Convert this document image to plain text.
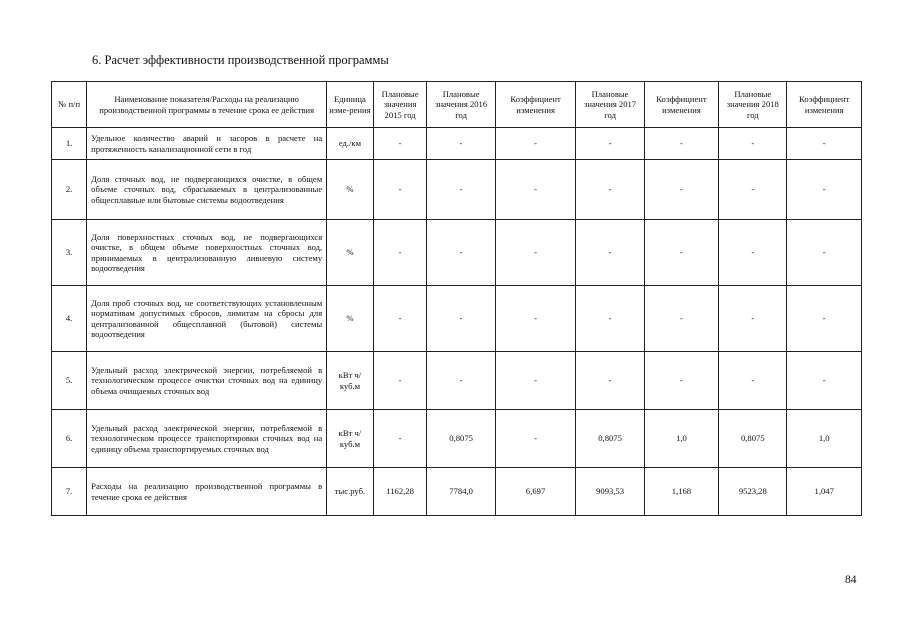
6. Расчет эффективности производственной программы
№ п/п	Наименование показателя/Расходы на реализацию производственной программы в течение срока ее действия	Единица изме-рения	Плановые значения 2015 год	Плановые значения 2016 год	Коэффициент изменения	Плановые значения 2017 год	Коэффициент изменения	Плановые значения 2018 год	Коэффициент изменения
1.	Удельное количество аварий и засоров в расчете на протяженность канализационной сети в год	ед./км	-	-	-	-	-	-	-
2.	Доля сточных вод, не подвергающихся очистке, в общем объеме сточных вод, сбрасываемых в централизованные общесплавные или бытовые системы водоотведения	%	-	-	-	-	-	-	-
3.	Доля поверхностных сточных вод, не подвергающихся очистке, в общем объеме поверхностных сточных вод, принимаемых в централизованную ливневую систему водоотведения	%	-	-	-	-	-	-	-
4.	Доля проб сточных вод, не соответствующих установленным нормативам допустимых сбросов, лимитам на сбросы для централизованной общесплавной (бытовой) системы водоотведения	%	-	-	-	-	-	-	-
5.	Удельный расход электрической энергии, потребляемой в технологическом процессе очистки сточных вод на единицу объема очищаемых сточных вод	кВт ч/куб.м	-	-	-	-	-	-	-
6.	Удельный расход электрической энергии, потребляемой в технологическом процессе транспортировки сточных вод на единицу объема транспортируемых сточных вод	кВт ч/куб.м	-	0,8075	-	0,8075	1,0	0,8075	1,0
7.	Расходы на реализацию производственной программы в течение срока ее действия	тыс.руб.	1162,28	7784,0	6,697	9093,53	1,168	9523,28	1,047
84
